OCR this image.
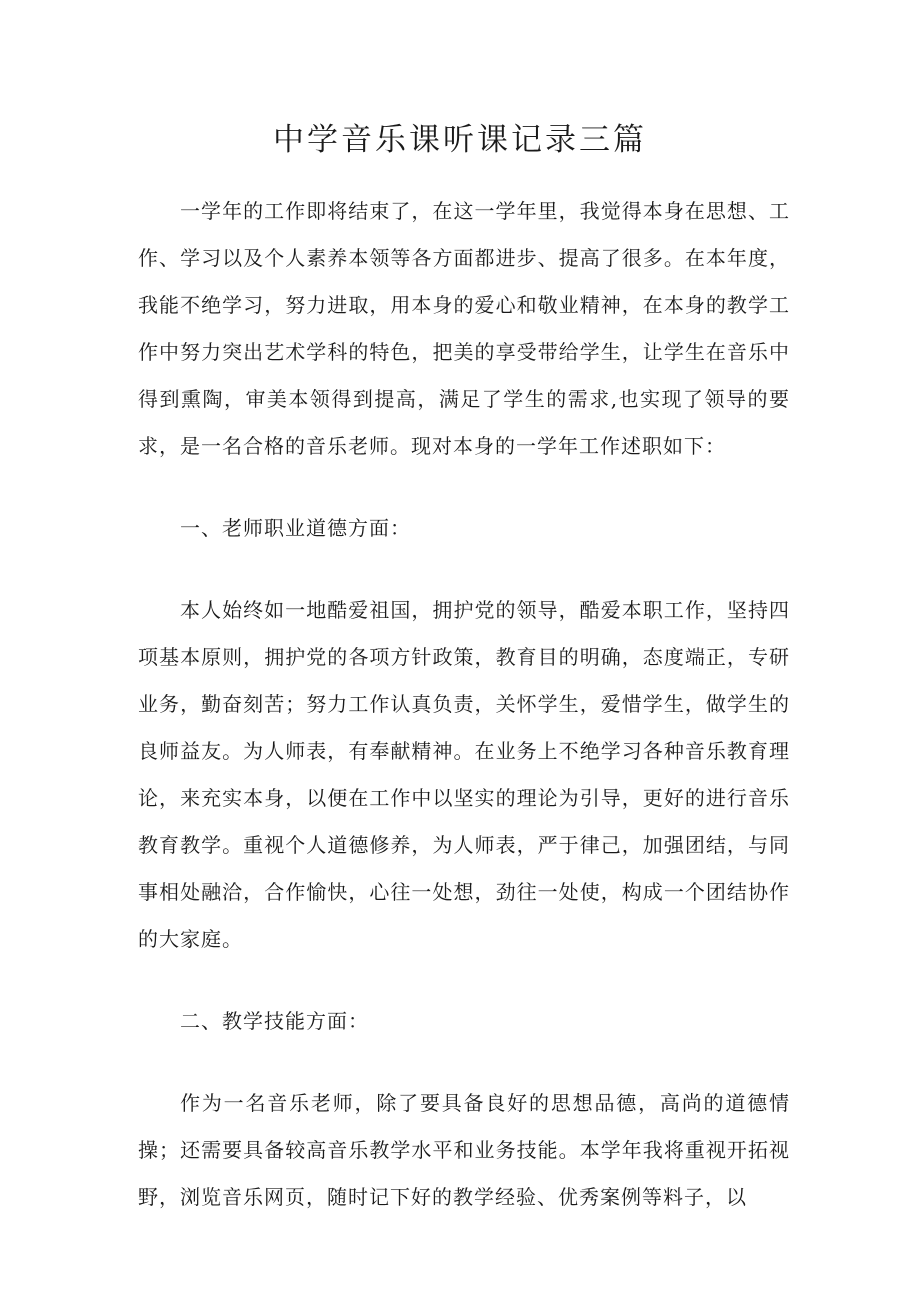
中学音乐课听课记录三篇

一学年的工作即将结束了，在这一学年里，我觉得本身在思想、工作、学习以及个人素养本领等各方面都进步、提高了很多。在本年度，我能不绝学习，努力进取，用本身的爱心和敬业精神，在本身的教学工作中努力突出艺术学科的特色，把美的享受带给学生，让学生在音乐中得到熏陶，审美本领得到提高，满足了学生的需求,也实现了领导的要求，是一名合格的音乐老师。现对本身的一学年工作述职如下：

一、老师职业道德方面：

本人始终如一地酷爱祖国，拥护党的领导，酷爱本职工作，坚持四项基本原则，拥护党的各项方针政策，教育目的明确，态度端正，专研业务，勤奋刻苦；努力工作认真负责，关怀学生，爱惜学生，做学生的良师益友。为人师表，有奉献精神。在业务上不绝学习各种音乐教育理论，来充实本身，以便在工作中以坚实的理论为引导，更好的进行音乐教育教学。重视个人道德修养，为人师表，严于律己，加强团结，与同事相处融洽，合作愉快，心往一处想，劲往一处使，构成一个团结协作的大家庭。

二、教学技能方面：

作为一名音乐老师，除了要具备良好的思想品德，高尚的道德情操；还需要具备较高音乐教学水平和业务技能。本学年我将重视开拓视野，浏览音乐网页，随时记下好的教学经验、优秀案例等料子，以
